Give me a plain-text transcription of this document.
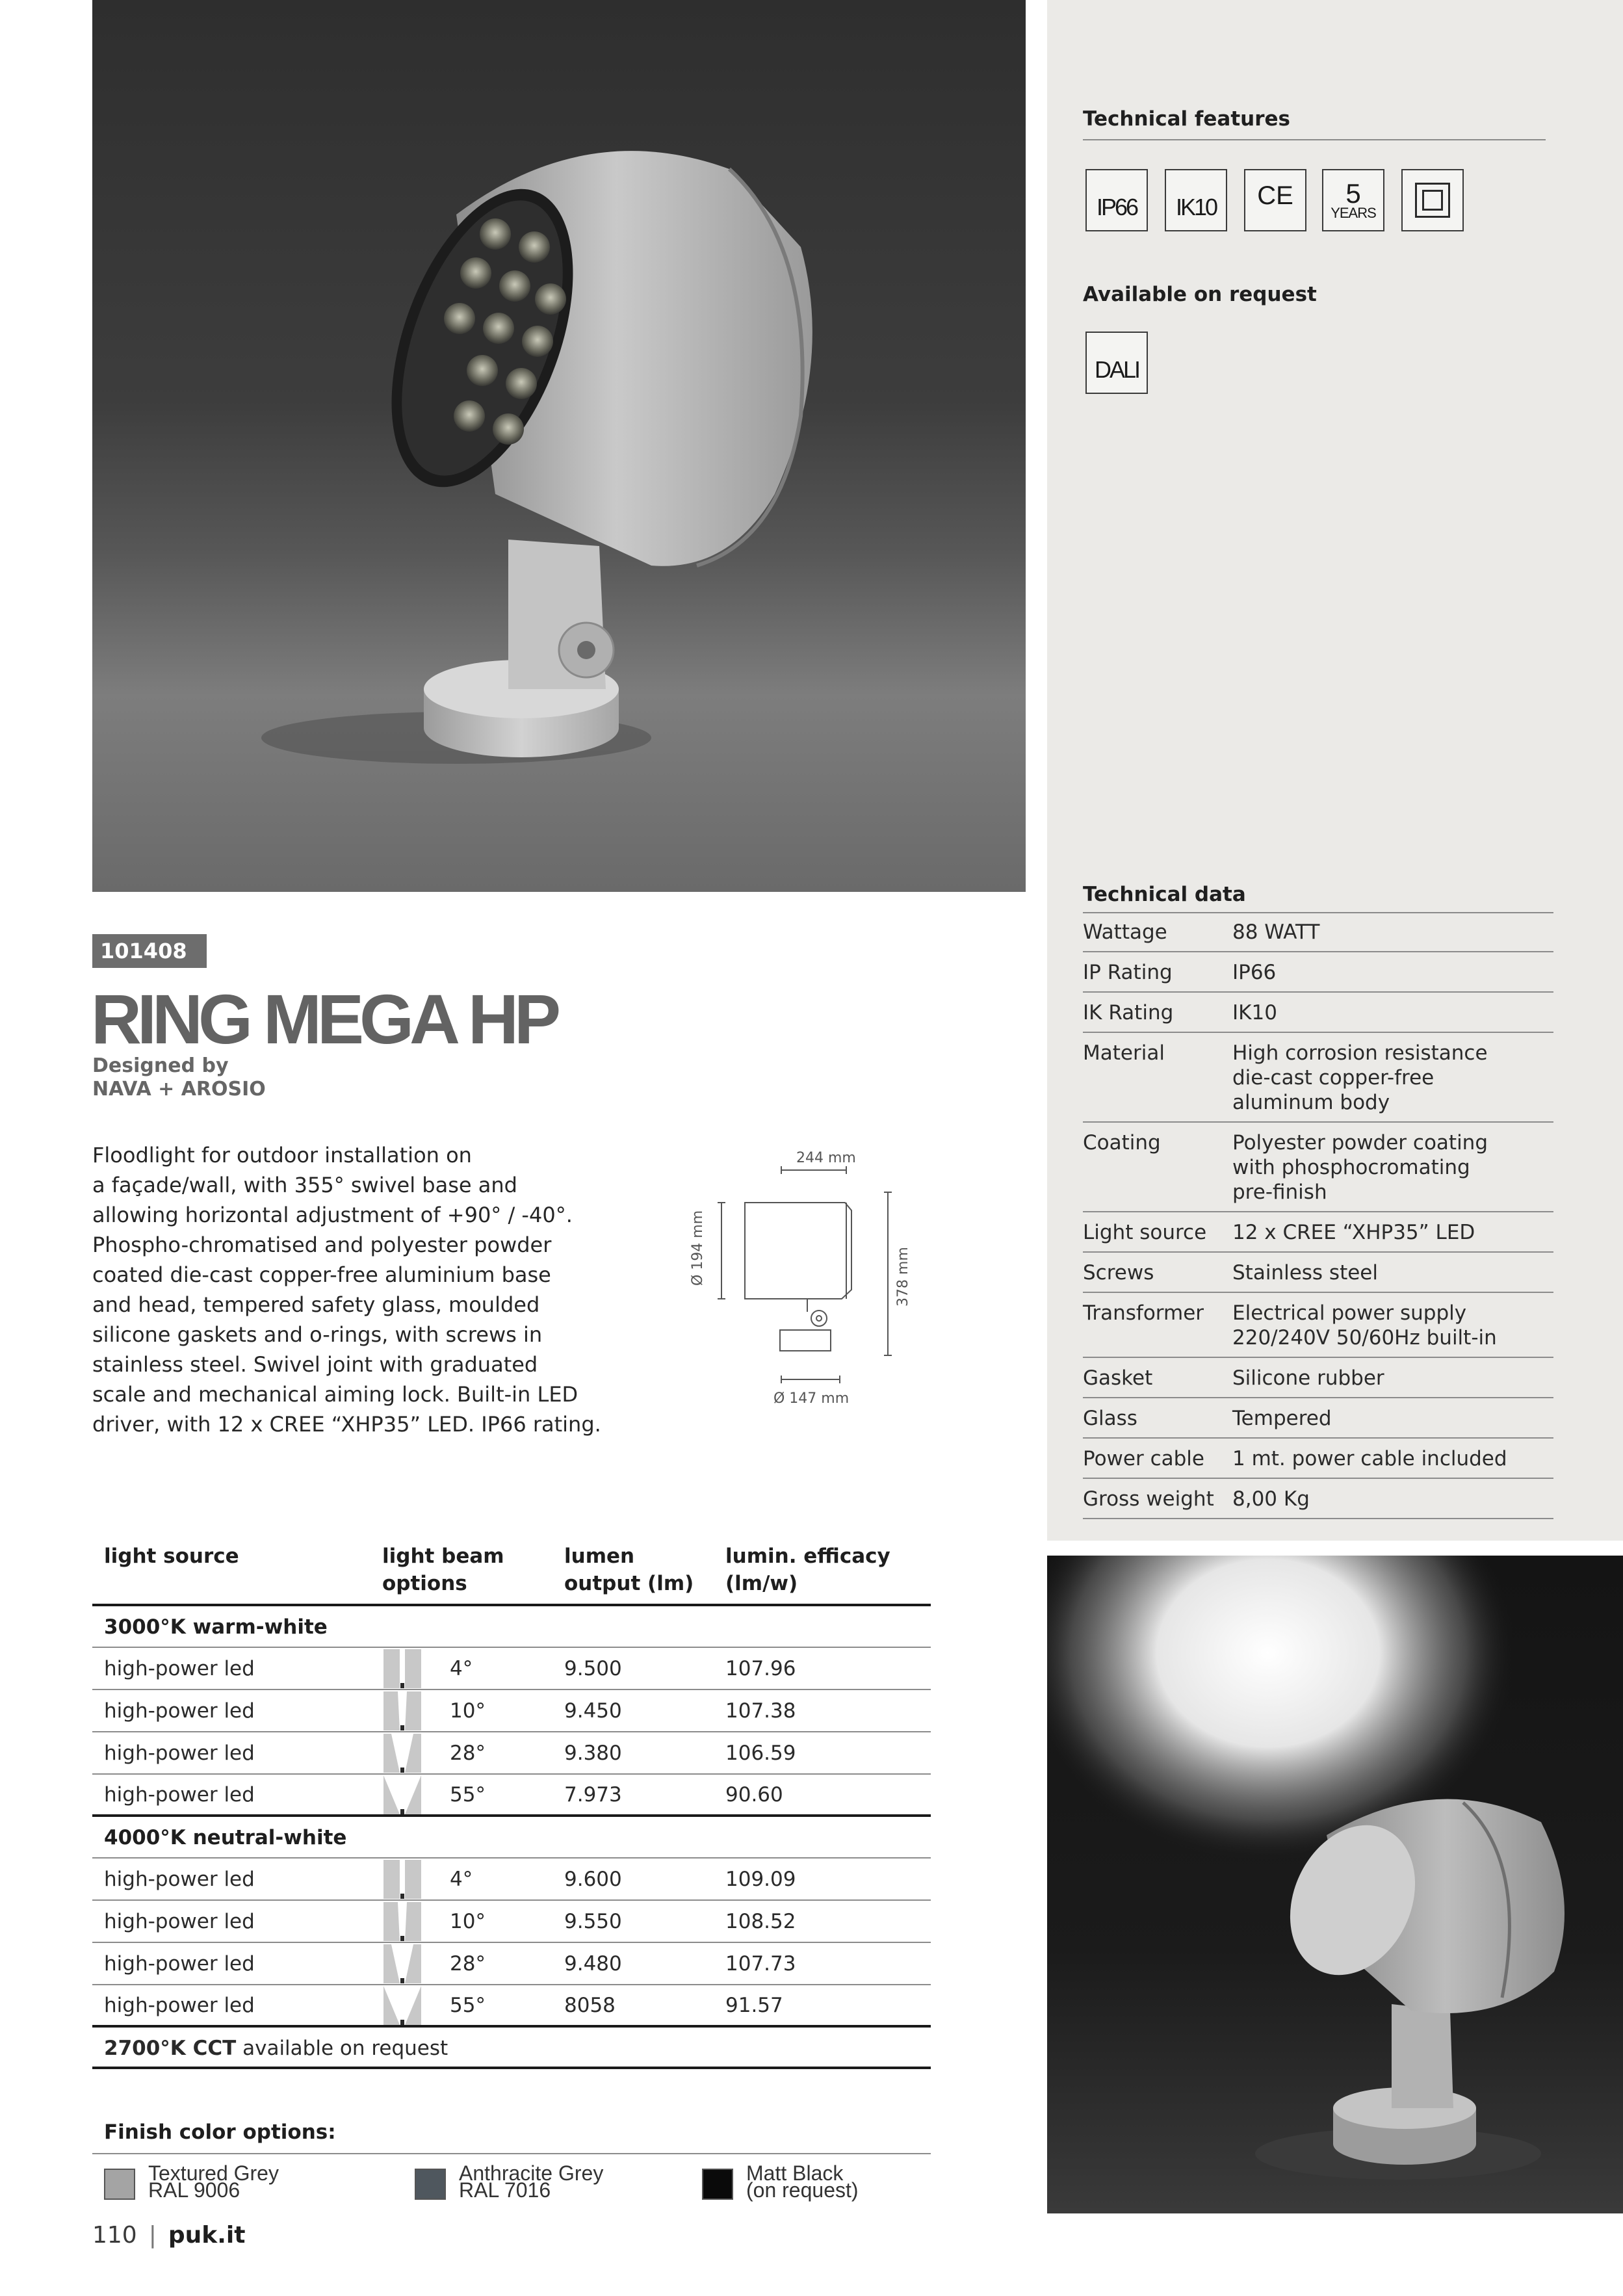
Technical features
IP66 IK10 CE 5
YEARS
Available on request
DALI
Technical data
Wattage	88 WATT
IP Rating	IP66
IK Rating	IK10
Material	High corrosion resistance
die-cast copper-free
aluminum body
Coating	Polyester powder coating
with phosphocromating
pre-finish
Light source	12 x CREE “XHP35” LED
Screws	Stainless steel
Transformer	Electrical power supply
220/240V 50/60Hz built-in
Gasket	Silicone rubber
Glass	Tempered
Power cable	1 mt. power cable included
Gross weight 8,00 Kg
101408
RING MEGA HP
Designed by
NAVA + AROSIO

Floodlight for outdoor installation on

a façade/wall, with 355° swivel base and

allowing horizontal adjustment of +90° / -40°.

Phospho-chromatised and polyester powder

coated die-cast copper-free aluminium base

and head, tempered safety glass, moulded

silicone gaskets and o-rings, with screws in

stainless steel. Swivel joint with graduated

scale and mechanical aiming lock. Built-in LED

driver, with 12 x CREE “XHP35” LED. IP66 rating.

244 mm
Ø 194 mm	378 mm
Ø 147 mm
light source	light beam
options
lumen
output (lm)
lumin. efficacy
(lm/w)
3000°K warm-white
high-power led	4°	9.500	107.96
high-power led	10°	9.450	107.38
high-power led	28°	9.380	106.59
high-power led	55°	7.973	90.60
4000°K neutral-white
high-power led	4°	9.600	109.09
high-power led	10°	9.550	108.52
high-power led	28°	9.480	107.73
high-power led	55°	8058	91.57
2700°K CCT available on request
Finish color options:
Textured Grey
RAL 9006
Anthracite Grey
RAL 7016
Matt Black
(on request)
110 | puk.it
